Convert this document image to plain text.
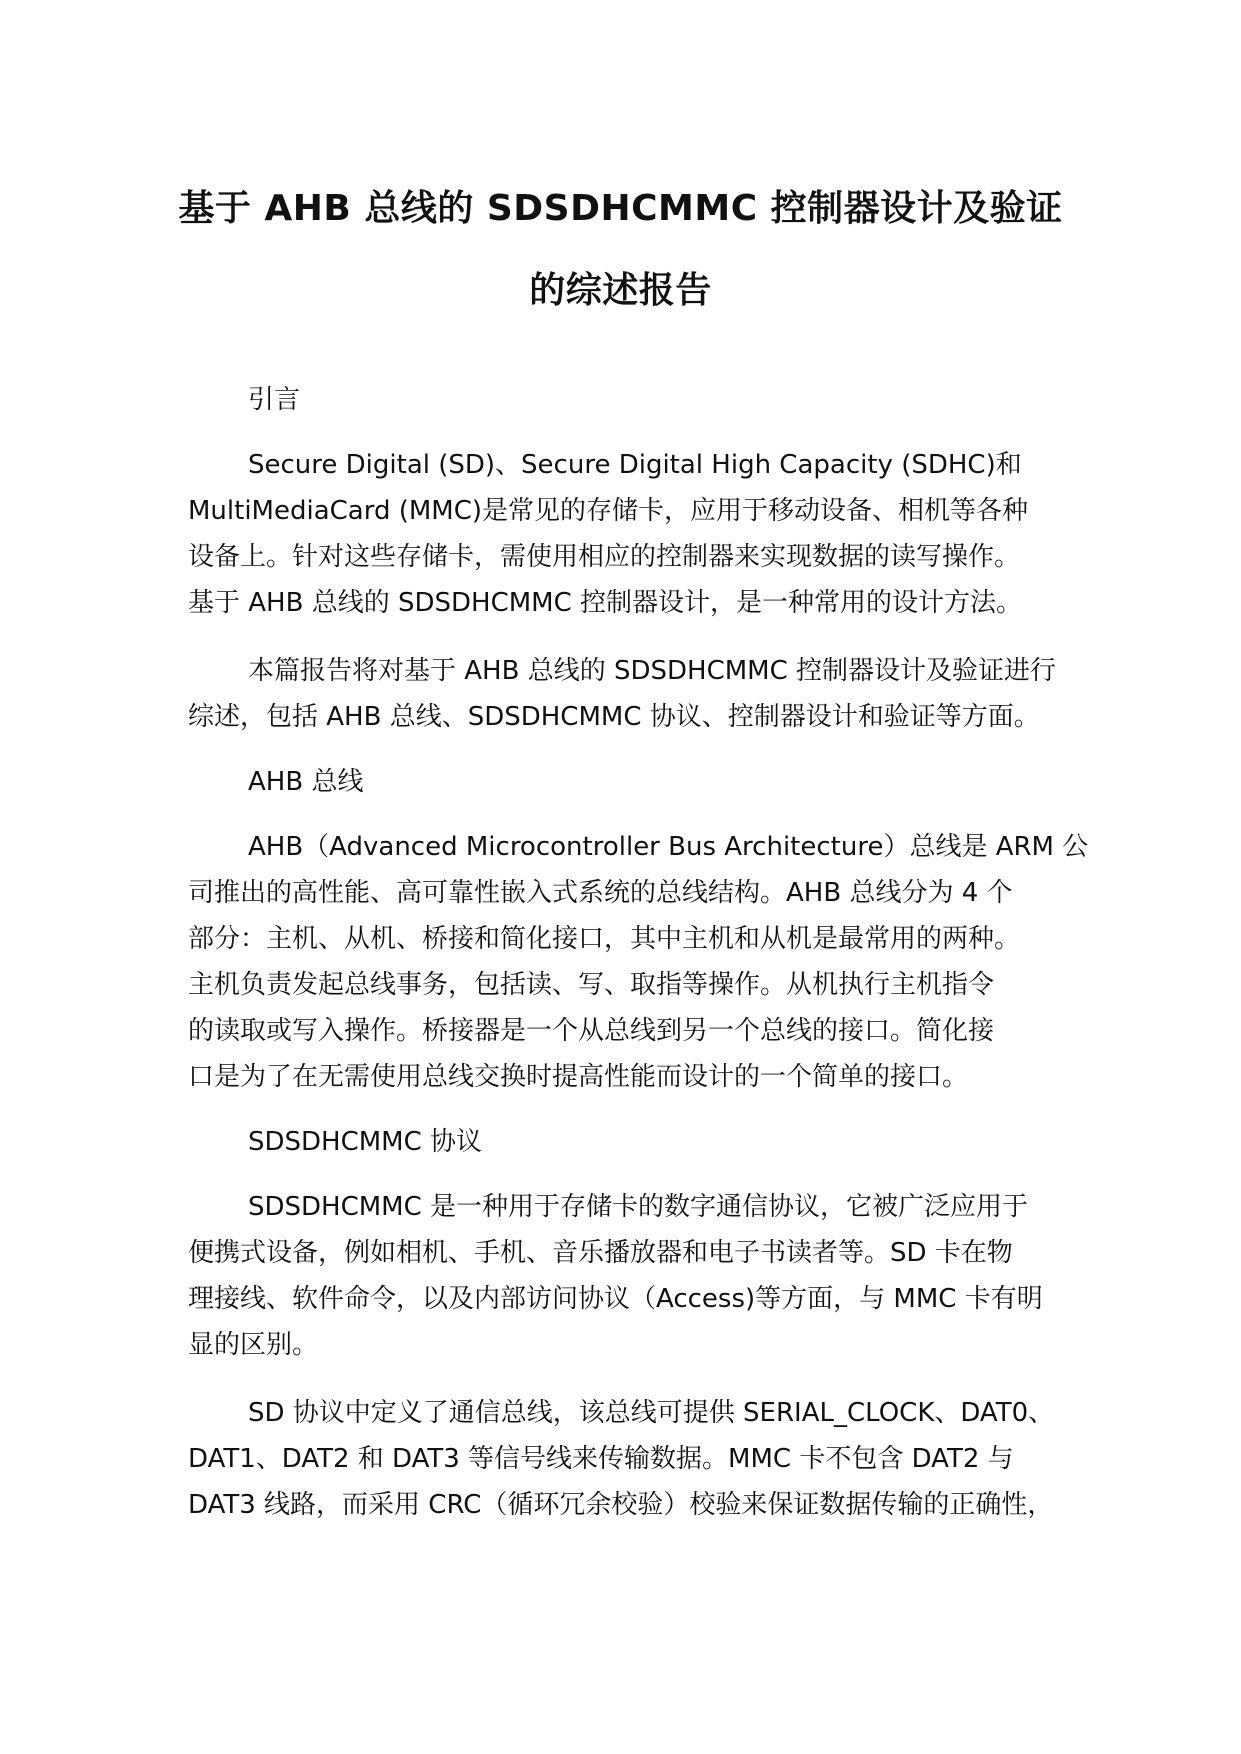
基于 AHB 总线的 SDSDHCMMC 控制器设计及验证
的综述报告
引言
Secure Digital (SD)、Secure Digital High Capacity (SDHC)和
MultiMediaCard (MMC)是常见的存储卡，应用于移动设备、相机等各种
设备上。针对这些存储卡，需使用相应的控制器来实现数据的读写操作。
基于 AHB 总线的 SDSDHCMMC 控制器设计，是一种常用的设计方法。
本篇报告将对基于 AHB 总线的 SDSDHCMMC 控制器设计及验证进行
综述，包括 AHB 总线、SDSDHCMMC 协议、控制器设计和验证等方面。
AHB 总线
AHB（Advanced Microcontroller Bus Architecture）总线是 ARM 公
司推出的高性能、高可靠性嵌入式系统的总线结构。AHB 总线分为 4 个
部分：主机、从机、桥接和简化接口，其中主机和从机是最常用的两种。
主机负责发起总线事务，包括读、写、取指等操作。从机执行主机指令
的读取或写入操作。桥接器是一个从总线到另一个总线的接口。简化接
口是为了在无需使用总线交换时提高性能而设计的一个简单的接口。
SDSDHCMMC 协议
SDSDHCMMC 是一种用于存储卡的数字通信协议，它被广泛应用于
便携式设备，例如相机、手机、音乐播放器和电子书读者等。SD 卡在物
理接线、软件命令，以及内部访问协议（Access)等方面，与 MMC 卡有明
显的区别。
SD 协议中定义了通信总线，该总线可提供 SERIAL_CLOCK、DAT0、
DAT1、DAT2 和 DAT3 等信号线来传输数据。MMC 卡不包含 DAT2 与
DAT3 线路，而采用 CRC（循环冗余校验）校验来保证数据传输的正确性，
